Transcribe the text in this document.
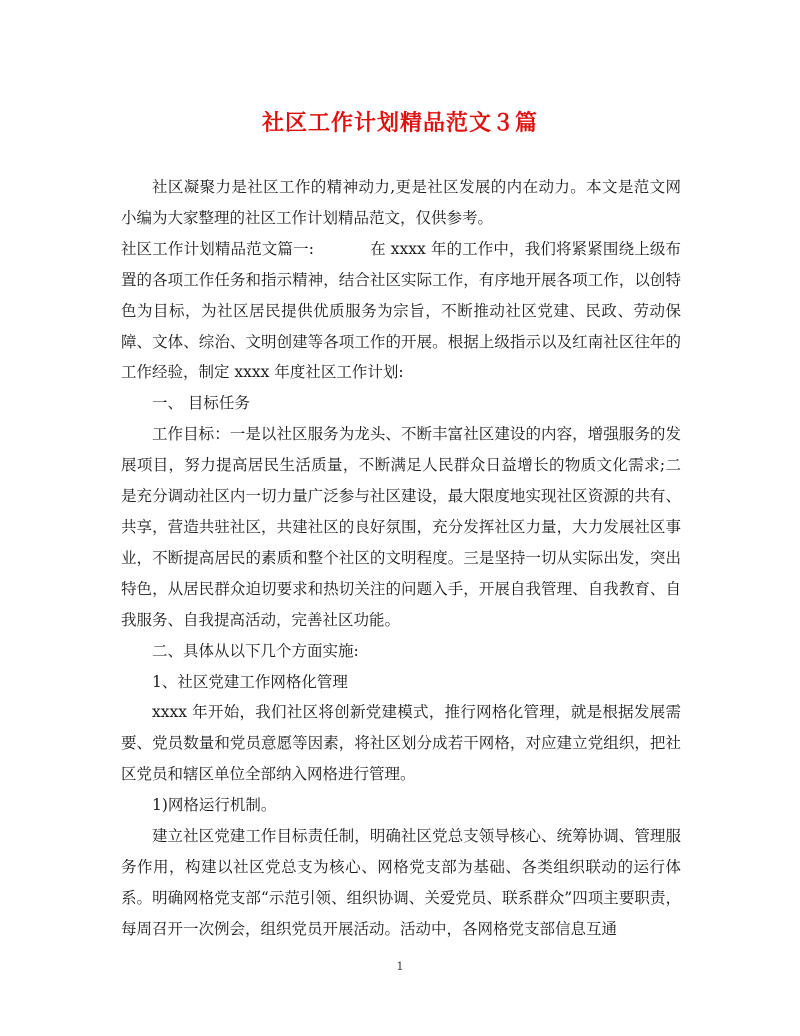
社区工作计划精品范文３篇

社区凝聚力是社区工作的精神动力,更是社区发展的内在动力。本文是范文网小编为大家整理的社区工作计划精品范文，仅供参考。

社区工作计划精品范文篇一:	在 xxxx 年的工作中，我们将紧紧围绕上级布置的各项工作任务和指示精神，结合社区实际工作，有序地开展各项工作，以创特色为目标，为社区居民提供优质服务为宗旨，不断推动社区党建、民政、劳动保障、文体、综治、文明创建等各项工作的开展。根据上级指示以及红南社区往年的工作经验，制定 xxxx 年度社区工作计划:

一、 目标任务

工作目标：一是以社区服务为龙头、不断丰富社区建设的内容，增强服务的发展项目，努力提高居民生活质量，不断满足人民群众日益增长的物质文化需求;二是充分调动社区内一切力量广泛参与社区建设，最大限度地实现社区资源的共有、共享，营造共驻社区，共建社区的良好氛围，充分发挥社区力量，大力发展社区事业，不断提高居民的素质和整个社区的文明程度。三是坚持一切从实际出发，突出特色，从居民群众迫切要求和热切关注的问题入手，开展自我管理、自我教育、自我服务、自我提高活动，完善社区功能。

二、具体从以下几个方面实施:

1、社区党建工作网格化管理

xxxx 年开始，我们社区将创新党建模式，推行网格化管理，就是根据发展需要、党员数量和党员意愿等因素，将社区划分成若干网格，对应建立党组织，把社区党员和辖区单位全部纳入网格进行管理。

1)网格运行机制。

建立社区党建工作目标责任制，明确社区党总支领导核心、统筹协调、管理服务作用，构建以社区党总支为核心、网格党支部为基础、各类组织联动的运行体系。明确网格党支部“示范引领、组织协调、关爱党员、联系群众”四项主要职责，每周召开一次例会，组织党员开展活动。活动中，各网格党支部信息互通

1
